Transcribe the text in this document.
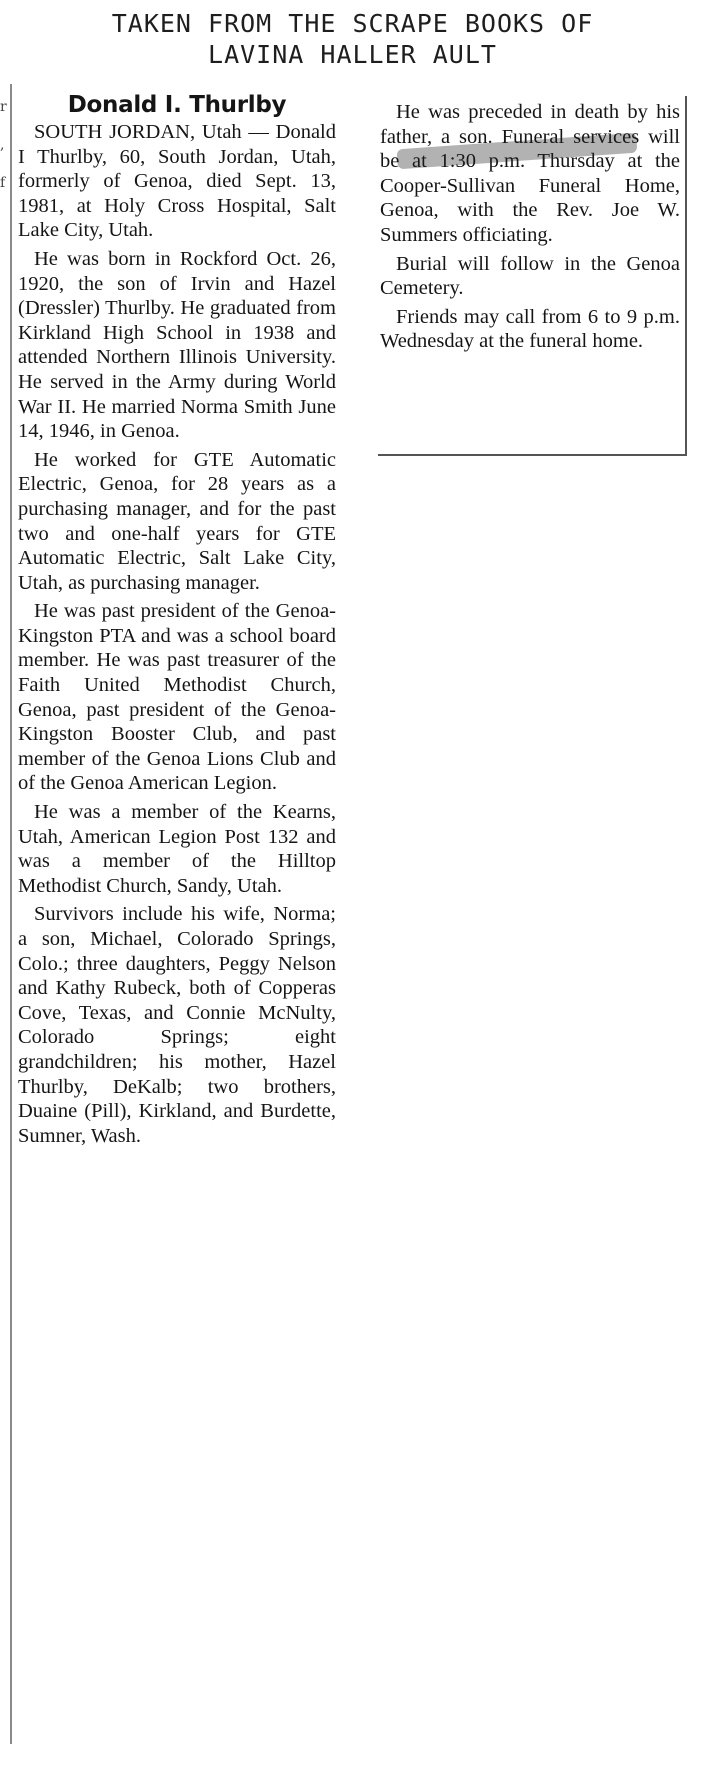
TAKEN FROM THE SCRAPE BOOKS OF
LAVINA HALLER AULT
r
,
f
Donald I. Thurlby

SOUTH JORDAN, Utah — Donald I Thurlby, 60, South Jordan, Utah, formerly of Genoa, died Sept. 13, 1981, at Holy Cross Hospital, Salt Lake City, Utah.

He was born in Rockford Oct. 26, 1920, the son of Irvin and Hazel (Dressler) Thurlby. He graduated from Kirkland High School in 1938 and attended Northern Illinois University. He served in the Army during World War II. He married Norma Smith June 14, 1946, in Genoa.

He worked for GTE Automatic Electric, Genoa, for 28 years as a purchasing manager, and for the past two and one-half years for GTE Automatic Electric, Salt Lake City, Utah, as purchasing manager.

He was past president of the Genoa-Kingston PTA and was a school board member. He was past treasurer of the Faith United Methodist Church, Genoa, past president of the Genoa-Kingston Booster Club, and past member of the Genoa Lions Club and of the Genoa American Legion.

He was a member of the Kearns, Utah, American Legion Post 132 and was a member of the Hilltop Methodist Church, Sandy, Utah.

Survivors include his wife, Norma; a son, Michael, Colorado Springs, Colo.; three daughters, Peggy Nelson and Kathy Rubeck, both of Copperas Cove, Texas, and Connie McNulty, Colorado Springs; eight grandchildren; his mother, Hazel Thurlby, DeKalb; two brothers, Duaine (Pill), Kirkland, and Burdette, Sumner, Wash.

He was preceded in death by his father, a son. Funeral services will be at 1:30 p.m. Thursday at the Cooper-Sullivan Funeral Home, Genoa, with the Rev. Joe W. Summers officiating.

Burial will follow in the Genoa Cemetery.

Friends may call from 6 to 9 p.m. Wednesday at the funeral home.
